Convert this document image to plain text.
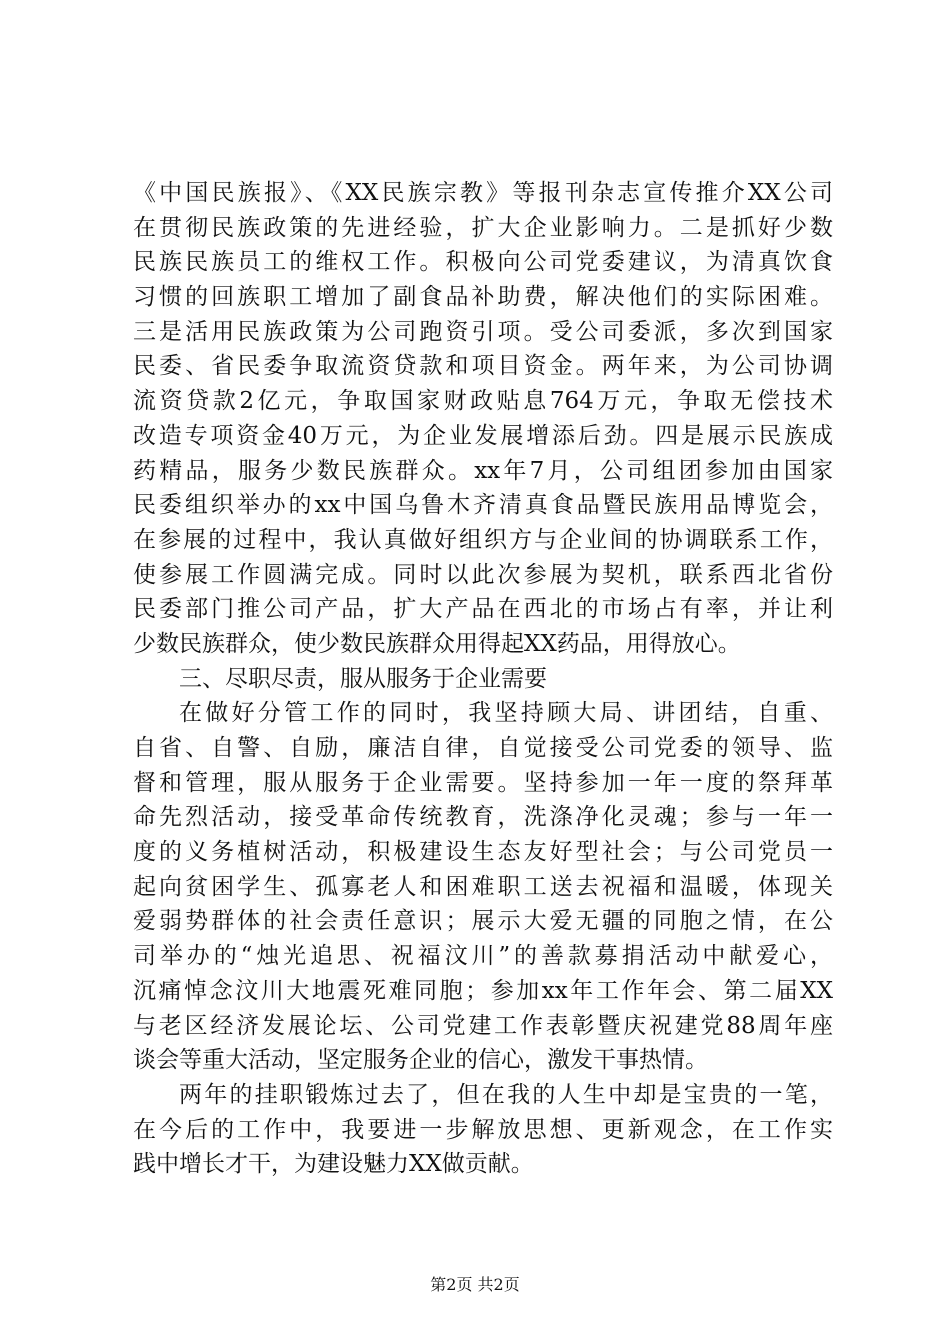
《中国民族报》、《XX民族宗教》等报刊杂志宣传推介XX公司
在贯彻民族政策的先进经验，扩大企业影响力。二是抓好少数
民族民族员工的维权工作。积极向公司党委建议，为清真饮食
习惯的回族职工增加了副食品补助费，解决他们的实际困难。
三是活用民族政策为公司跑资引项。受公司委派，多次到国家
民委、省民委争取流资贷款和项目资金。两年来，为公司协调
流资贷款2亿元，争取国家财政贴息764万元，争取无偿技术
改造专项资金40万元，为企业发展增添后劲。四是展示民族成
药精品，服务少数民族群众。xx年7月，公司组团参加由国家
民委组织举办的xx中国乌鲁木齐清真食品暨民族用品博览会，
在参展的过程中，我认真做好组织方与企业间的协调联系工作，
使参展工作圆满完成。同时以此次参展为契机，联系西北省份
民委部门推公司产品，扩大产品在西北的市场占有率，并让利
少数民族群众，使少数民族群众用得起XX药品，用得放心。
三、尽职尽责，服从服务于企业需要
在做好分管工作的同时，我坚持顾大局、讲团结，自重、
自省、自警、自励，廉洁自律，自觉接受公司党委的领导、监
督和管理，服从服务于企业需要。坚持参加一年一度的祭拜革
命先烈活动，接受革命传统教育，洗涤净化灵魂；参与一年一
度的义务植树活动，积极建设生态友好型社会；与公司党员一
起向贫困学生、孤寡老人和困难职工送去祝福和温暖，体现关
爱弱势群体的社会责任意识；展示大爱无疆的同胞之情，在公
司举办的“烛光追思、祝福汶川”的善款募捐活动中献爱心，
沉痛悼念汶川大地震死难同胞；参加xx年工作年会、第二届XX
与老区经济发展论坛、公司党建工作表彰暨庆祝建党88周年座
谈会等重大活动，坚定服务企业的信心，激发干事热情。
两年的挂职锻炼过去了，但在我的人生中却是宝贵的一笔，
在今后的工作中，我要进一步解放思想、更新观念，在工作实
践中增长才干，为建设魅力XX做贡献。
第2页 共2页
